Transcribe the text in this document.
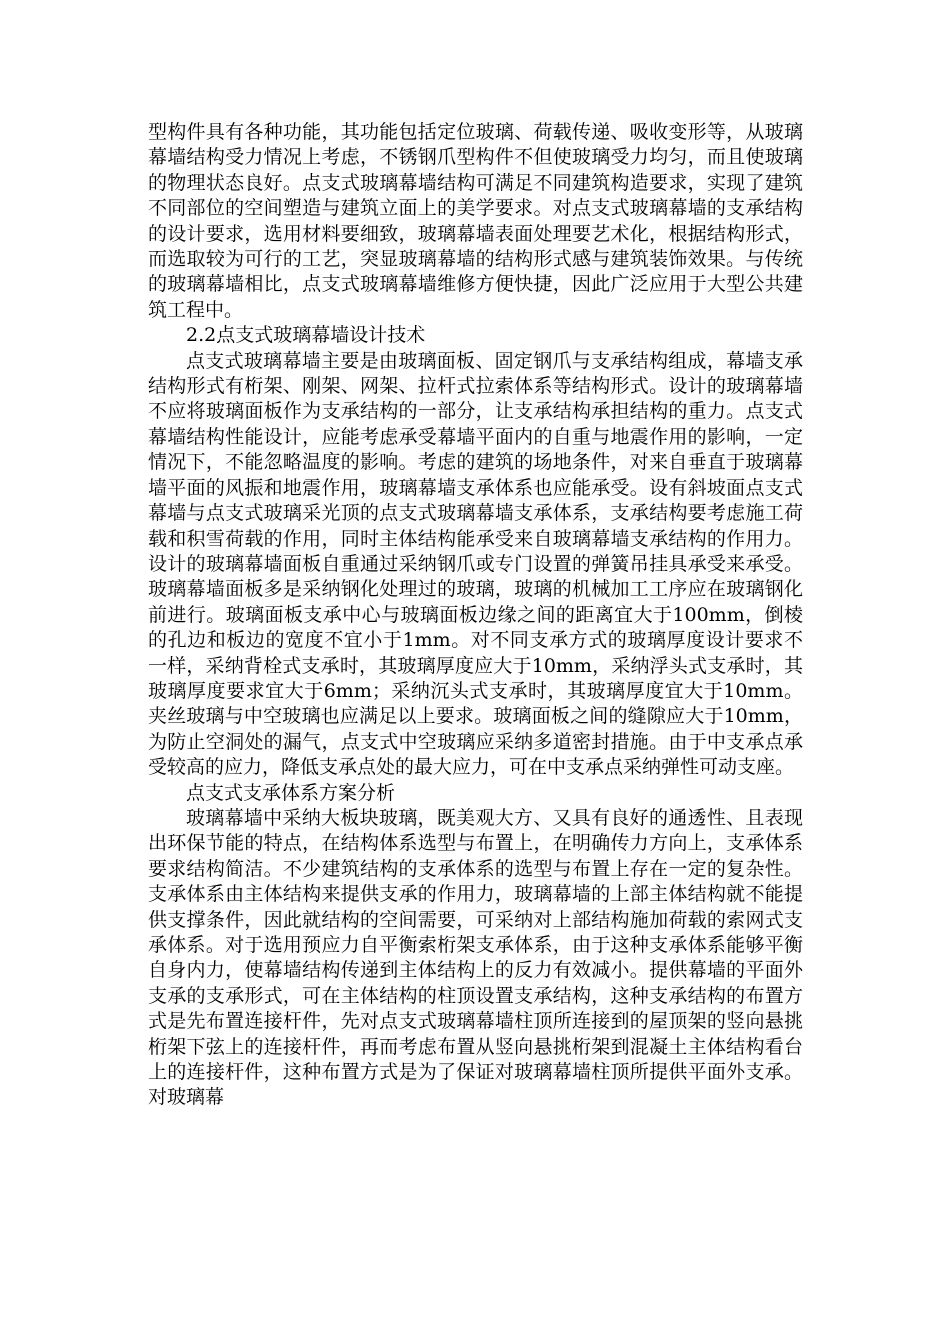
型构件具有各种功能，其功能包括定位玻璃、荷载传递、吸收变形等，从玻璃幕墙结构受力情况上考虑，不锈钢爪型构件不但使玻璃受力均匀，而且使玻璃的物理状态良好。点支式玻璃幕墙结构可满足不同建筑构造要求，实现了建筑不同部位的空间塑造与建筑立面上的美学要求。对点支式玻璃幕墙的支承结构的设计要求，选用材料要细致，玻璃幕墙表面处理要艺术化，根据结构形式，而选取较为可行的工艺，突显玻璃幕墙的结构形式感与建筑装饰效果。与传统的玻璃幕墙相比，点支式玻璃幕墙维修方便快捷，因此广泛应用于大型公共建筑工程中。

2.2点支式玻璃幕墙设计技术

点支式玻璃幕墙主要是由玻璃面板、固定钢爪与支承结构组成，幕墙支承结构形式有桁架、刚架、网架、拉杆式拉索体系等结构形式。设计的玻璃幕墙不应将玻璃面板作为支承结构的一部分，让支承结构承担结构的重力。点支式幕墙结构性能设计，应能考虑承受幕墙平面内的自重与地震作用的影响，一定情况下，不能忽略温度的影响。考虑的建筑的场地条件，对来自垂直于玻璃幕墙平面的风振和地震作用，玻璃幕墙支承体系也应能承受。设有斜坡面点支式幕墙与点支式玻璃采光顶的点支式玻璃幕墙支承体系，支承结构要考虑施工荷载和积雪荷载的作用，同时主体结构能承受来自玻璃幕墙支承结构的作用力。设计的玻璃幕墙面板自重通过采纳钢爪或专门设置的弹簧吊挂具承受来承受。玻璃幕墙面板多是采纳钢化处理过的玻璃，玻璃的机械加工工序应在玻璃钢化前进行。玻璃面板支承中心与玻璃面板边缘之间的距离宜大于100mm，倒棱的孔边和板边的宽度不宜小于1mm。对不同支承方式的玻璃厚度设计要求不一样，采纳背栓式支承时，其玻璃厚度应大于10mm，采纳浮头式支承时，其玻璃厚度要求宜大于6mm；采纳沉头式支承时，其玻璃厚度宜大于10mm。夹丝玻璃与中空玻璃也应满足以上要求。玻璃面板之间的缝隙应大于10mm，为防止空洞处的漏气，点支式中空玻璃应采纳多道密封措施。由于中支承点承受较高的应力，降低支承点处的最大应力，可在中支承点采纳弹性可动支座。

点支式支承体系方案分析

玻璃幕墙中采纳大板块玻璃，既美观大方、又具有良好的通透性、且表现出环保节能的特点，在结构体系选型与布置上，在明确传力方向上，支承体系要求结构简洁。不少建筑结构的支承体系的选型与布置上存在一定的复杂性。支承体系由主体结构来提供支承的作用力，玻璃幕墙的上部主体结构就不能提供支撑条件，因此就结构的空间需要，可采纳对上部结构施加荷载的索网式支承体系。对于选用预应力自平衡索桁架支承体系，由于这种支承体系能够平衡自身内力，使幕墙结构传递到主体结构上的反力有效减小。提供幕墙的平面外支承的支承形式，可在主体结构的柱顶设置支承结构，这种支承结构的布置方式是先布置连接杆件，先对点支式玻璃幕墙柱顶所连接到的屋顶架的竖向悬挑桁架下弦上的连接杆件，再而考虑布置从竖向悬挑桁架到混凝土主体结构看台上的连接杆件，这种布置方式是为了保证对玻璃幕墙柱顶所提供平面外支承。对玻璃幕
